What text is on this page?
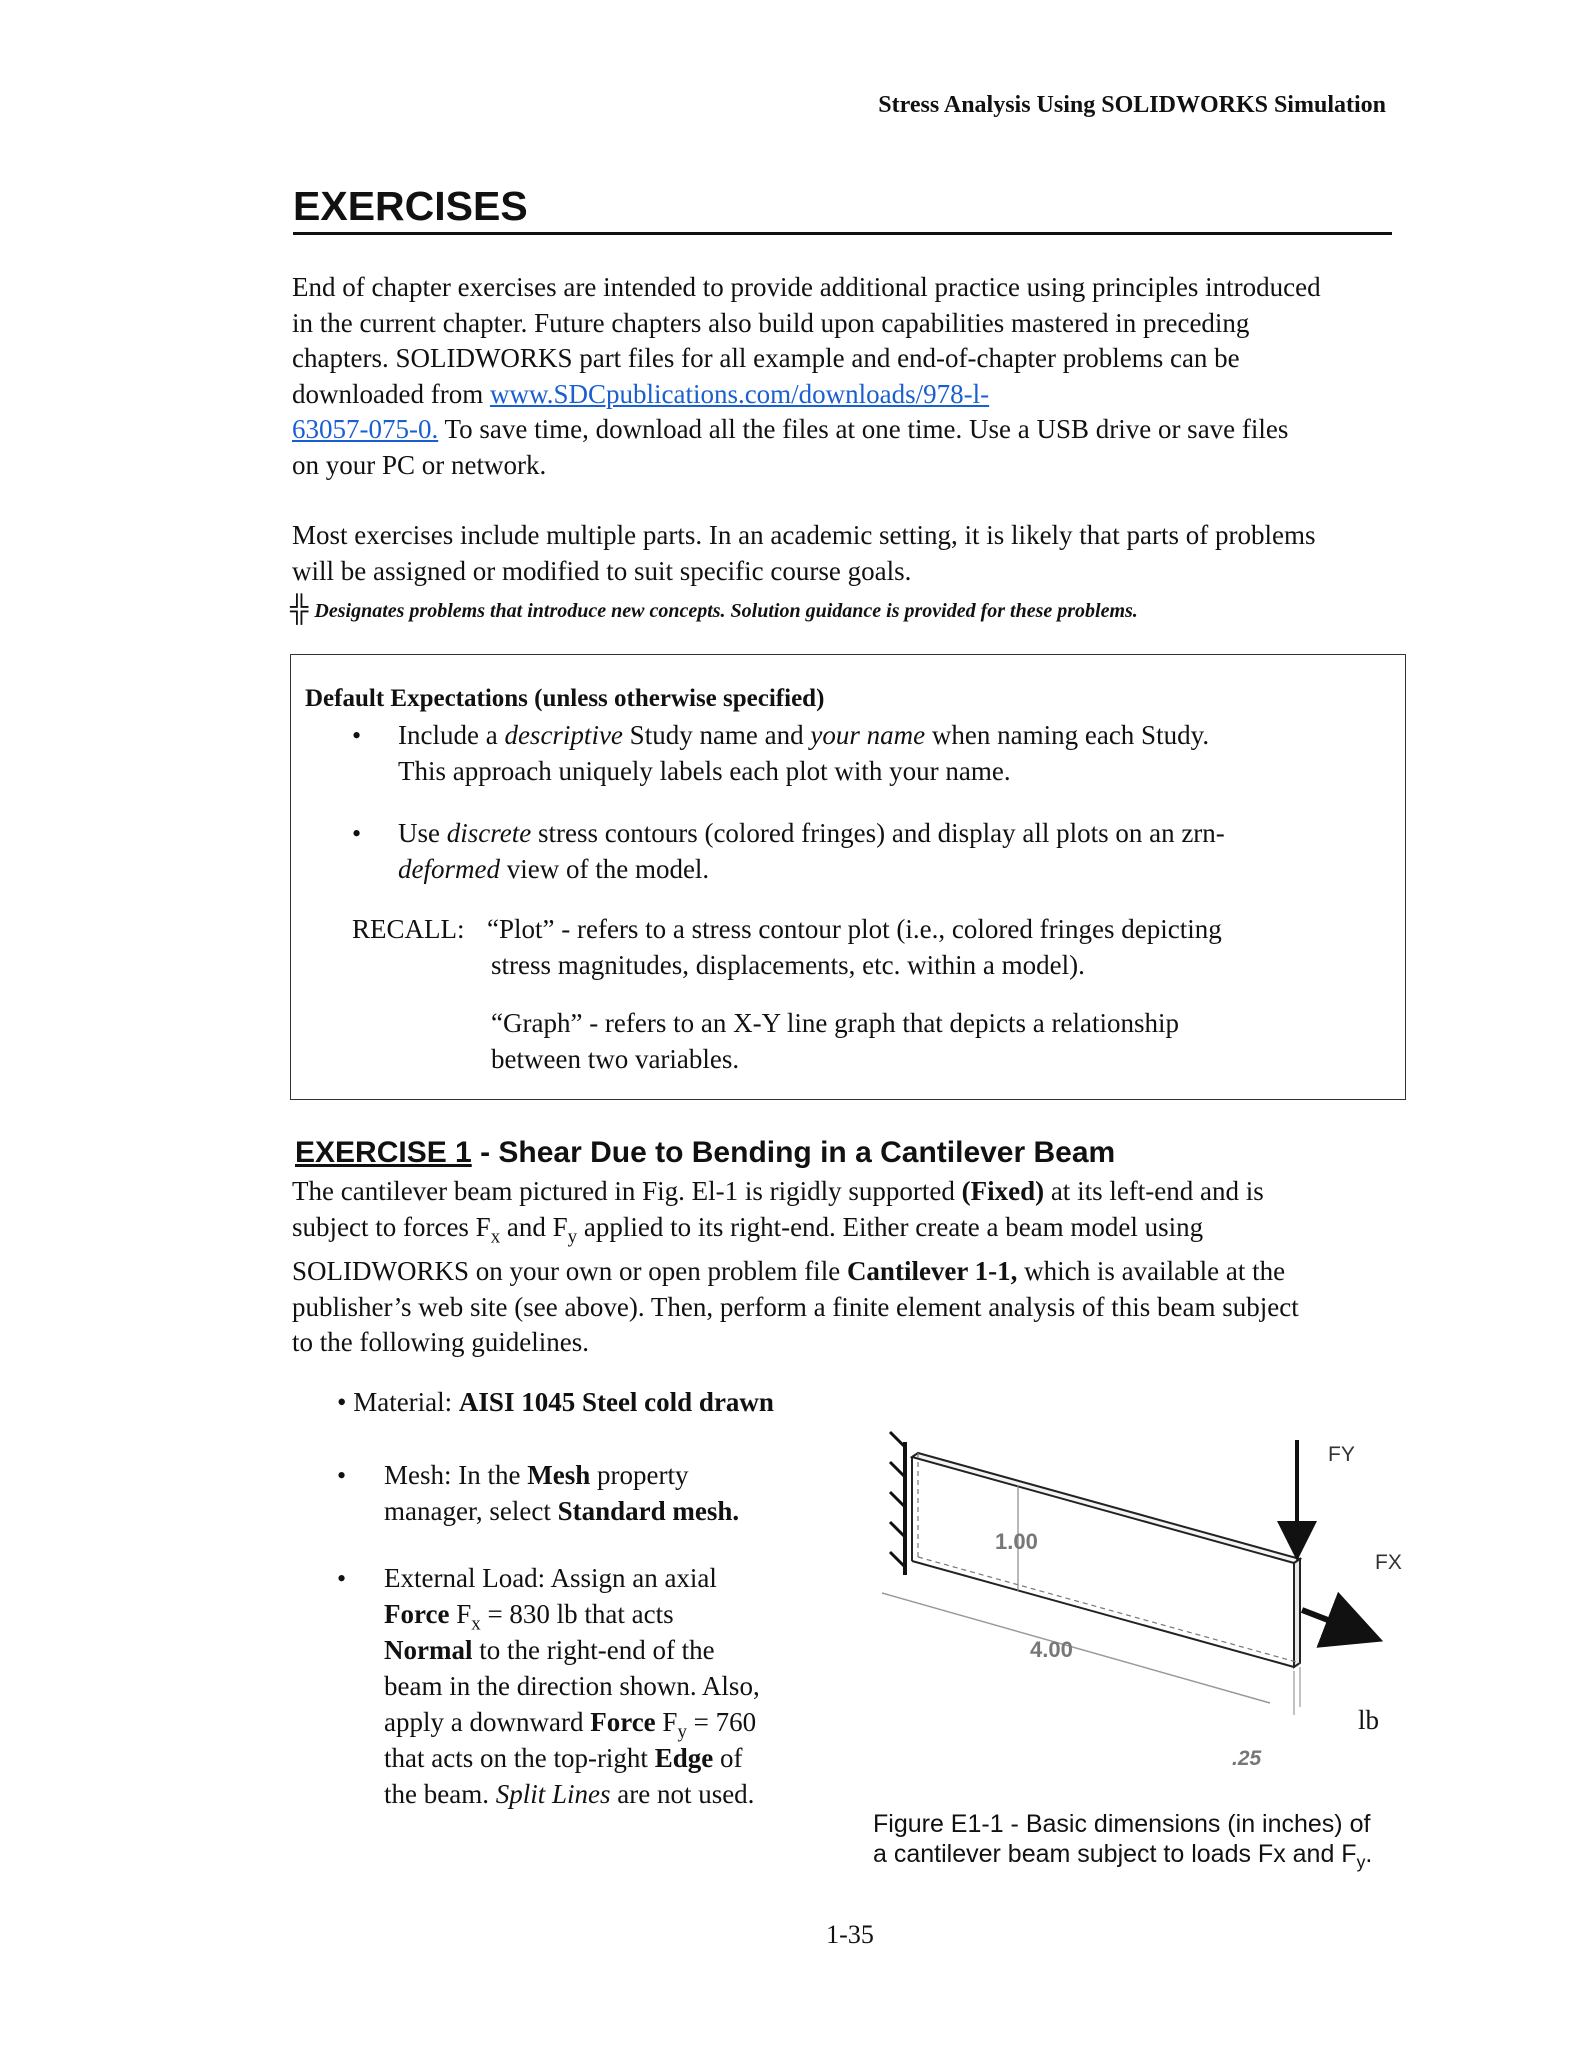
Stress Analysis Using SOLIDWORKS Simulation
EXERCISES
End of chapter exercises are intended to provide additional practice using principles introduced in the current chapter. Future chapters also build upon capabilities mastered in preceding chapters. SOLIDWORKS part files for all example and end-of-chapter problems can be downloaded from www.SDCpublications.com/downloads/978-l-
63057-075-0. To save time, download all the files at one time. Use a USB drive or save files on your PC or network.
Most exercises include multiple parts. In an academic setting, it is likely that parts of problems will be assigned or modified to suit specific course goals.
╬ Designates problems that introduce new concepts. Solution guidance is provided for these problems.
Default Expectations (unless otherwise specified)
• Include a descriptive Study name and your name when naming each Study.
This approach uniquely labels each plot with your name.
• Use discrete stress contours (colored fringes) and display all plots on an zrn-
deformed view of the model.
RECALL: “Plot” - refers to a stress contour plot (i.e., colored fringes depicting
stress magnitudes, displacements, etc. within a model).
“Graph” - refers to an X-Y line graph that depicts a relationship
between two variables.
EXERCISE 1 - Shear Due to Bending in a Cantilever Beam
The cantilever beam pictured in Fig. El-1 is rigidly supported (Fixed) at its left-end and is subject to forces $F_x$ and $F_y$ applied to its right-end. Either create a beam model using SOLIDWORKS on your own or open problem file Cantilever 1-1, which is available at the publisher’s web site (see above). Then, perform a finite element analysis of this beam subject to the following guidelines.
• Material: AISI 1045 Steel cold drawn
• Mesh: In the Mesh property
manager, select Standard mesh.
• External Load: Assign an axial
Force $F_x = 830$ lb that acts
Normal to the right-end of the
beam in the direction shown. Also,
apply a downward Force $F_y = 760$
that acts on the top-right Edge of
the beam. Split Lines are not used.
1.00
4.00
.25
FY
FX
lb
Figure E1-1 - Basic dimensions (in inches) of
a cantilever beam subject to loads Fx and $F_y$.
1-35
